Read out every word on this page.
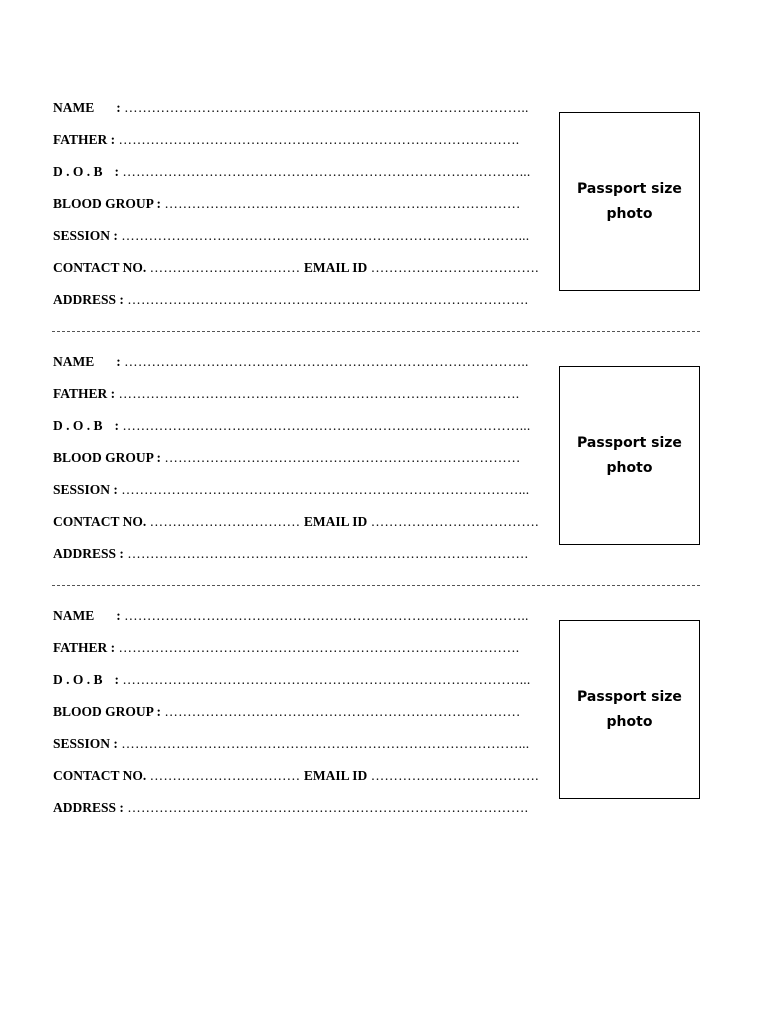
NAME : ……………………………………………………………………………..
FATHER : …………………………………………………………………………….
D . O . B : ……………………………………………………………………………...
BLOOD GROUP : ……………………………………………………………………
SESSION : ……………………………………………………………………………...
CONTACT NO. …………………………… EMAIL ID ……………………………….
ADDRESS : …………………………………………………………………………….
Passport size photo
NAME : ……………………………………………………………………………..
FATHER : …………………………………………………………………………….
D . O . B : ……………………………………………………………………………...
BLOOD GROUP : ……………………………………………………………………
SESSION : ……………………………………………………………………………...
CONTACT NO. …………………………… EMAIL ID ……………………………….
ADDRESS : …………………………………………………………………………….
Passport size photo
NAME : ……………………………………………………………………………..
FATHER : …………………………………………………………………………….
D . O . B : ……………………………………………………………………………...
BLOOD GROUP : ……………………………………………………………………
SESSION : ……………………………………………………………………………...
CONTACT NO. …………………………… EMAIL ID ……………………………….
ADDRESS : …………………………………………………………………………….
Passport size photo
